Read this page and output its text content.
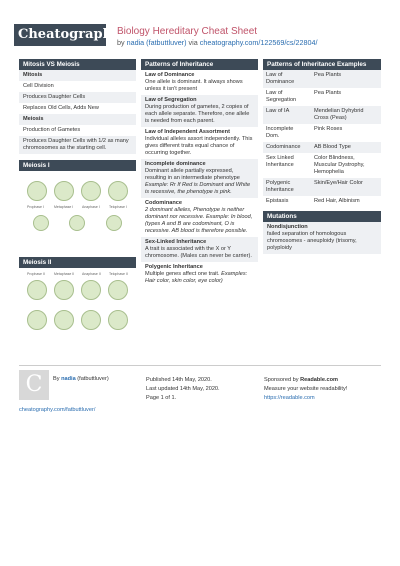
Cheatography
Biology Hereditary Cheat Sheet
by nadia (fatbuttluver) via cheatography.com/122569/cs/22804/
Mitosis VS Meiosis
Mitosis
Cell Division
Produces Daughter Cells
Replaces Old Cells, Adds New
Meiosis
Production of Gametes
Produces Daughter Cells with 1/2 as many chromosomes as the starting cell.
Meiosis I
Prophase I	Metaphase I Anaphase I	Telophase I
Meiosis II
Prophase II	Metaphase II Anaphase II Telophase II
Patterns of Inheritance
Law of Dominance
One allele is dominant. It always shows unless it isn't present
Law of Segregation
During production of gametes, 2 copies of each allele separate. Therefore, one allele is needed from each parent.
Law of Independent Assortment
Individual alleles assort independently. This gives different traits equal chance of occurring together.
Incomplete dominance
Dominant allele partially expressed, resulting in an intermediate phenotype Example: Rr If Red is Dominant and White is recessive, the phenotype is pink.
Codominance
2 dominant alleles, Phenotype is neither dominant nor recessive. Example: In blood, (types A and B are codominant, O is recessive. AB blood is therefore possible.
Sex-Linked Inheritance
A trait is associated with the X or Y chromosome. (Males can never be carrier).
Polygenic Inheritance
Multiple genes affect one trait. Examples: Hair color, skin color, eye color)
Patterns of Inheritance Examples
Law of Dominance	Pea Plants
Law of Segregation	Pea Plants
Law of IA	Mendelian Dyhybrid Cross (Peas)
Incomplete Dom.	Pink Roses
Codominance	AB Blood Type
Sex Linked Inheritance	Color Blindness, Muscular Dystrophy, Hemophelia
Polygenic Inheritance	Skin/Eye/Hair Color
Epistasis	Red Hair, Albinism
Mutations
Nondisjunction
failed separation of homologous chromosomes - aneuploidy (trisomy, polyploidy
C	By nadia (fatbuttluver)
cheatography.com/fatbuttluver/
Published 14th May, 2020.
Last updated 14th May, 2020.
Page 1 of 1.
Sponsored by Readable.com
Measure your website readability!
https://readable.com
